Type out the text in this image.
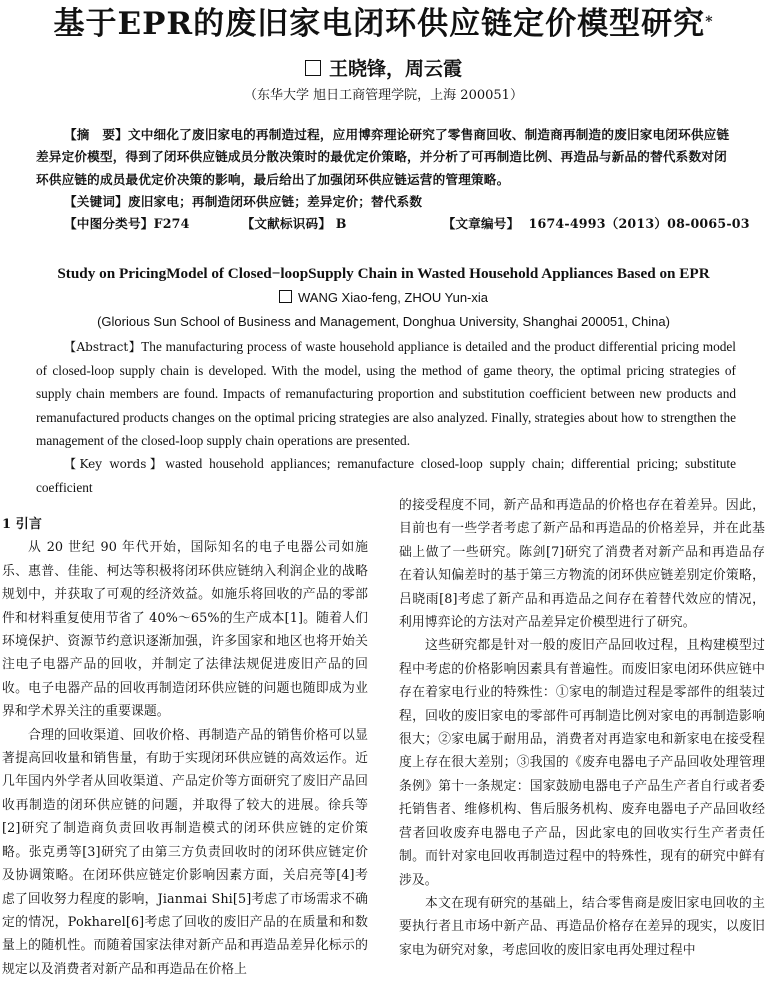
基于EPR的废旧家电闭环供应链定价模型研究*
王晓锋，周云霞
（东华大学 旭日工商管理学院，上海 200051）

【摘　要】文中细化了废旧家电的再制造过程，应用博弈理论研究了零售商回收、制造商再制造的废旧家电闭环供应链差异定价模型，得到了闭环供应链成员分散决策时的最优定价策略，并分析了可再制造比例、再造品与新品的替代系数对闭环供应链的成员最优定价决策的影响，最后给出了加强闭环供应链运营的管理策略。

【关键词】废旧家电；再制造闭环供应链；差异定价；替代系数

【中图分类号】F274	【文献标识码】 B	【文章编号】 1674-4993（2013）08-0065-03

Study on PricingModel of Closed−loopSupply Chain in Wasted Household Appliances Based on EPR
WANG Xiao-feng, ZHOU Yun-xia
(Glorious Sun School of Business and Management, Donghua University, Shanghai 200051, China)

【Abstract】The manufacturing process of waste household appliance is detailed and the product differential pricing model of closed-loop supply chain is developed. With the model, using the method of game theory, the optimal pricing strategies of supply chain members are found. Impacts of remanufacturing proportion and substitution coefficient between new products and remanufactured products changes on the optimal pricing strategies are also analyzed. Finally, strategies about how to strengthen the management of the closed-loop supply chain operations are presented.

【Key words】wasted household appliances; remanufacture closed-loop supply chain; differential pricing; substitute coefficient

1 引言

从 20 世纪 90 年代开始，国际知名的电子电器公司如施乐、惠普、佳能、柯达等积极将闭环供应链纳入利润企业的战略规划中，并获取了可观的经济效益。如施乐将回收的产品的零部件和材料重复使用节省了 40%～65%的生产成本[1]。随着人们环境保护、资源节约意识逐渐加强，许多国家和地区也将开始关注电子电器产品的回收，并制定了法律法规促进废旧产品的回收。电子电器产品的回收再制造闭环供应链的问题也随即成为业界和学术界关注的重要课题。

合理的回收渠道、回收价格、再制造产品的销售价格可以显著提高回收量和销售量，有助于实现闭环供应链的高效运作。近几年国内外学者从回收渠道、产品定价等方面研究了废旧产品回收再制造的闭环供应链的问题，并取得了较大的进展。徐兵等[2]研究了制造商负责回收再制造模式的闭环供应链的定价策略。张克勇等[3]研究了由第三方负责回收时的闭环供应链定价及协调策略。在闭环供应链定价影响因素方面，关启亮等[4]考虑了回收努力程度的影响，Jianmai Shi[5]考虑了市场需求不确定的情况，Pokharel[6]考虑了回收的废旧产品的在质量和和数量上的随机性。而随着国家法律对新产品和再造品差异化标示的规定以及消费者对新产品和再造品在价格上

的接受程度不同，新产品和再造品的价格也存在着差异。因此，目前也有一些学者考虑了新产品和再造品的价格差异，并在此基础上做了一些研究。陈剑[7]研究了消费者对新产品和再造品存在着认知偏差时的基于第三方物流的闭环供应链差别定价策略，吕晓雨[8]考虑了新产品和再造品之间存在着替代效应的情况，利用博弈论的方法对产品差异定价模型进行了研究。

这些研究都是针对一般的废旧产品回收过程，且构建模型过程中考虑的价格影响因素具有普遍性。而废旧家电闭环供应链中存在着家电行业的特殊性：①家电的制造过程是零部件的组装过程，回收的废旧家电的零部件可再制造比例对家电的再制造影响很大；②家电属于耐用品，消费者对再造家电和新家电在接受程度上存在很大差别；③我国的《废弃电器电子产品回收处理管理条例》第十一条规定：国家鼓励电器电子产品生产者自行或者委托销售者、维修机构、售后服务机构、废弃电器电子产品回收经营者回收废弃电器电子产品，因此家电的回收实行生产者责任制。而针对家电回收再制造过程中的特殊性，现有的研究中鲜有涉及。

本文在现有研究的基础上，结合零售商是废旧家电回收的主要执行者且市场中新产品、再造品价格存在差异的现实，以废旧家电为研究对象，考虑回收的废旧家电再处理过程中
